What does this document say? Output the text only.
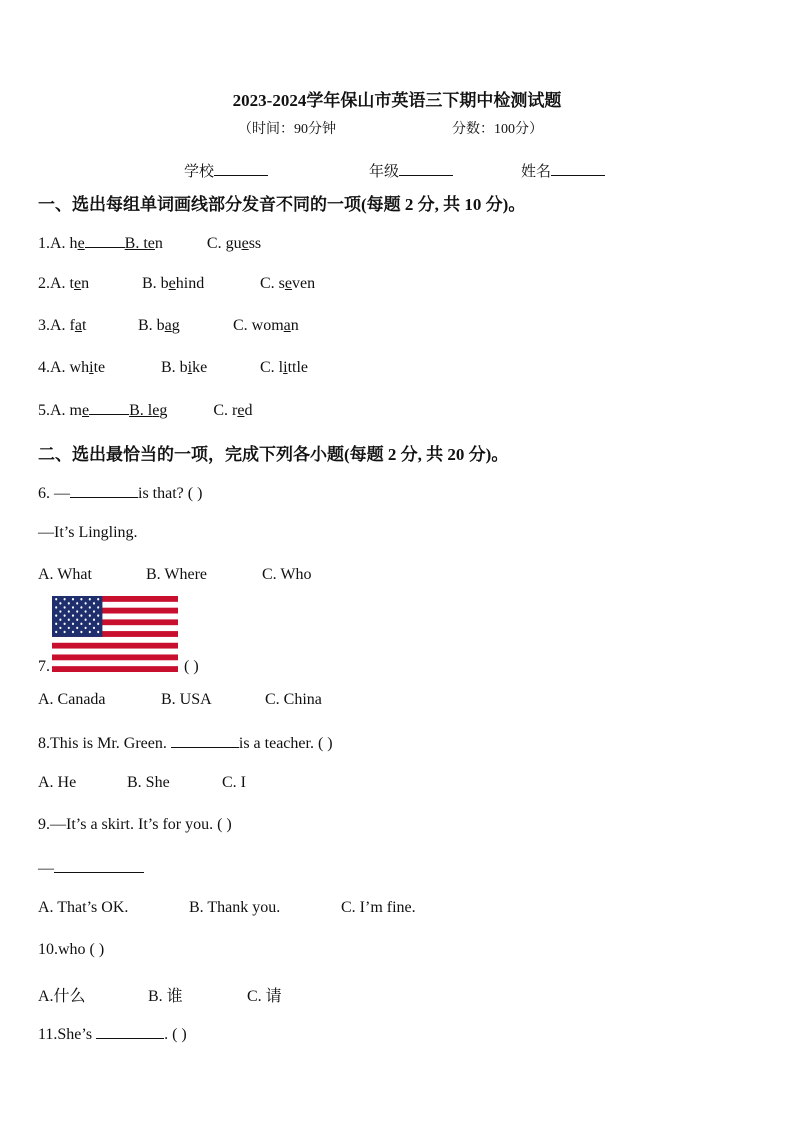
2023-2024学年保山市英语三下期中检测试题
（时间：90分钟	分数：100分）
学校	年级	姓名
一、选出每组单词画线部分发音不同的一项(每题 2 分, 共 10 分)。
1.A. he	B. ten	C. guess
2.A. ten	B. behind	C. seven
3.A. fat	B. bag	C. woman
4.A. white	B. bike	C. little
5.A. me	B. leg	C. red
二、选出最恰当的一项，完成下列各小题(每题 2 分, 共 20 分)。
6. —	is that? ( )
—It’s Lingling.
A. What	B. Where	C. Who
7.	( )
A. Canada	B. USA	C. China
8.This is Mr. Green.	is a teacher. ( )
A. He	B. She	C. I
9.—It’s a skirt. It’s for you. ( )
—
A. That’s OK.	B. Thank you.	C. I’m fine.
10.who ( )
A.什么	B. 谁	C. 请
11.She’s	. ( )
